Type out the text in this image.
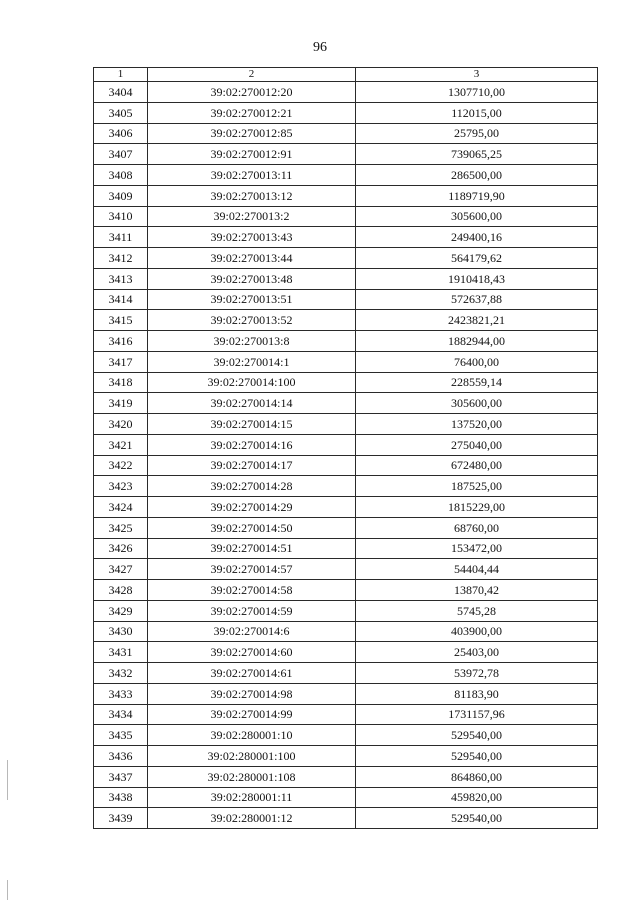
96
1	2	3
3404	39:02:270012:20	1307710,00
3405	39:02:270012:21	112015,00
3406	39:02:270012:85	25795,00
3407	39:02:270012:91	739065,25
3408	39:02:270013:11	286500,00
3409	39:02:270013:12	1189719,90
3410	39:02:270013:2	305600,00
3411	39:02:270013:43	249400,16
3412	39:02:270013:44	564179,62
3413	39:02:270013:48	1910418,43
3414	39:02:270013:51	572637,88
3415	39:02:270013:52	2423821,21
3416	39:02:270013:8	1882944,00
3417	39:02:270014:1	76400,00
3418	39:02:270014:100	228559,14
3419	39:02:270014:14	305600,00
3420	39:02:270014:15	137520,00
3421	39:02:270014:16	275040,00
3422	39:02:270014:17	672480,00
3423	39:02:270014:28	187525,00
3424	39:02:270014:29	1815229,00
3425	39:02:270014:50	68760,00
3426	39:02:270014:51	153472,00
3427	39:02:270014:57	54404,44
3428	39:02:270014:58	13870,42
3429	39:02:270014:59	5745,28
3430	39:02:270014:6	403900,00
3431	39:02:270014:60	25403,00
3432	39:02:270014:61	53972,78
3433	39:02:270014:98	81183,90
3434	39:02:270014:99	1731157,96
3435	39:02:280001:10	529540,00
3436	39:02:280001:100	529540,00
3437	39:02:280001:108	864860,00
3438	39:02:280001:11	459820,00
3439	39:02:280001:12	529540,00
